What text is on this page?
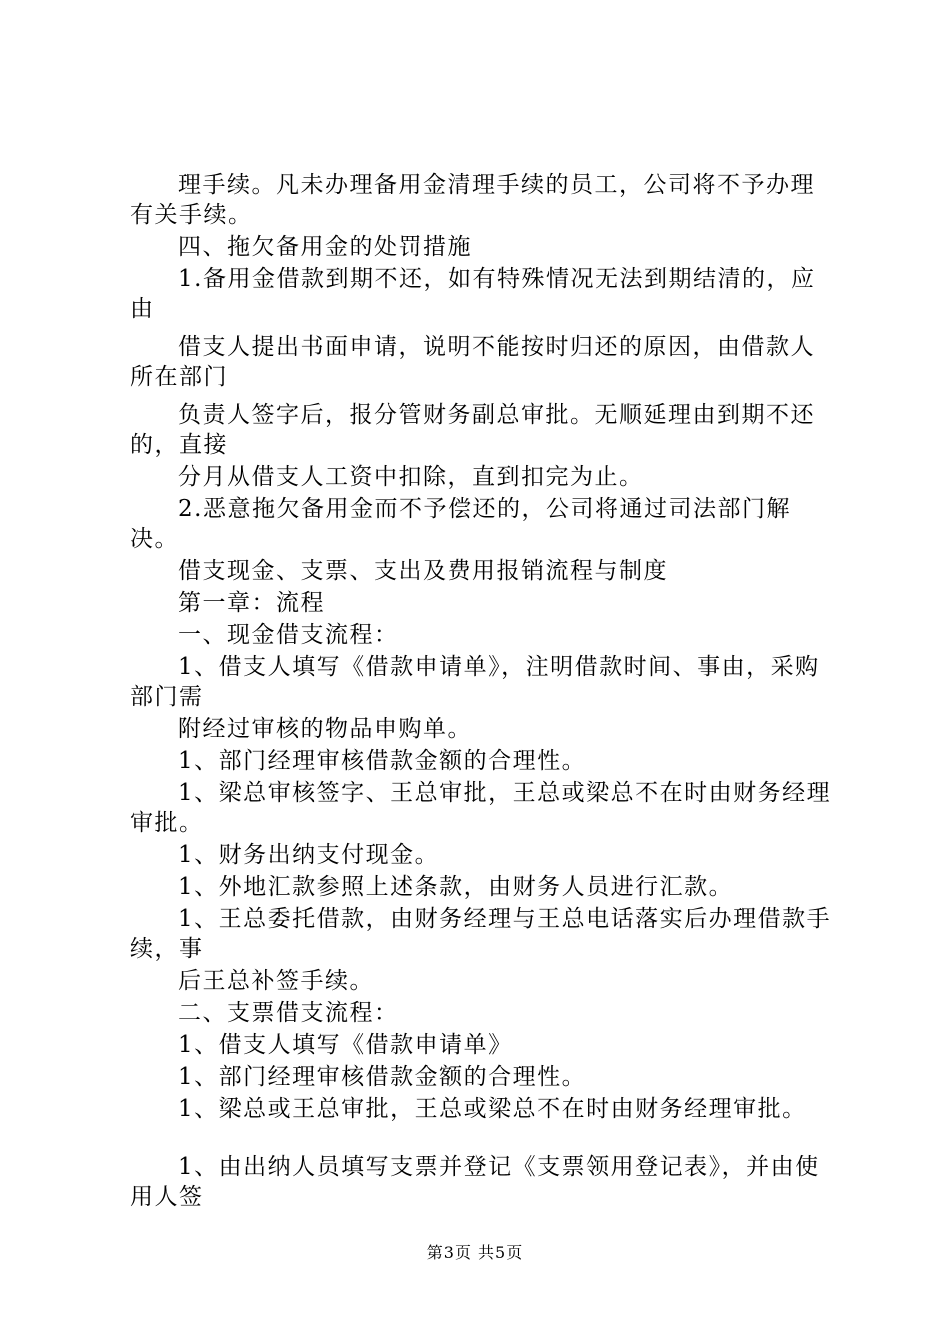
理手续。凡未办理备用金清理手续的员工，公司将不予办理有关手续。

四、拖欠备用金的处罚措施

1.备用金借款到期不还，如有特殊情况无法到期结清的，应由

借支人提出书面申请，说明不能按时归还的原因，由借款人所在部门

负责人签字后，报分管财务副总审批。无顺延理由到期不还的，直接

分月从借支人工资中扣除，直到扣完为止。

2.恶意拖欠备用金而不予偿还的，公司将通过司法部门解决。

借支现金、支票、支出及费用报销流程与制度

第一章：流程

一、现金借支流程：

1、借支人填写《借款申请单》，注明借款时间、事由，采购部门需

附经过审核的物品申购单。

1、部门经理审核借款金额的合理性。

1、梁总审核签字、王总审批，王总或梁总不在时由财务经理审批。

1、财务出纳支付现金。

1、外地汇款参照上述条款，由财务人员进行汇款。

1、王总委托借款，由财务经理与王总电话落实后办理借款手续，事

后王总补签手续。

二、支票借支流程：

1、借支人填写《借款申请单》

1、部门经理审核借款金额的合理性。

1、梁总或王总审批，王总或梁总不在时由财务经理审批。

1、由出纳人员填写支票并登记《支票领用登记表》，并由使用人签

第3页 共5页
